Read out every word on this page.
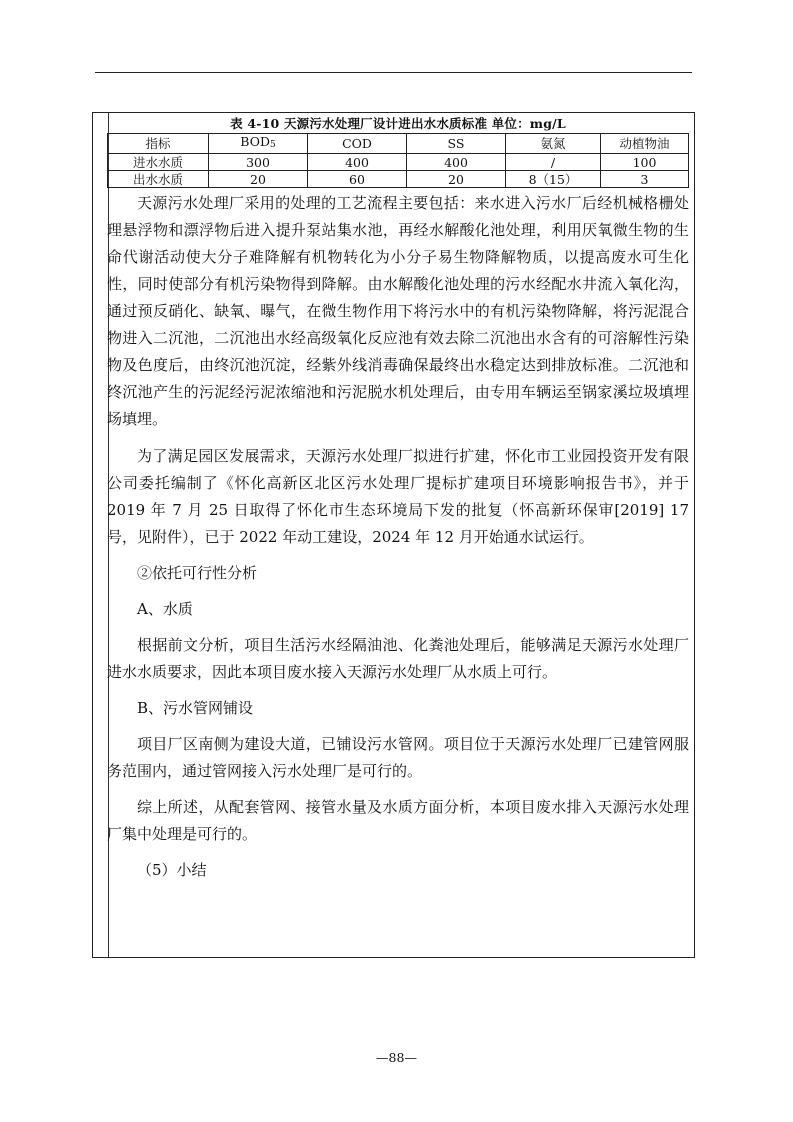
表 4-10 天源污水处理厂设计进出水水质标准 单位：mg/L
指标	$BOD_5$	COD	SS	氨氮	动植物油
进水水质	300	400	400	/	100
出水水质	20	60	20	8（15）	3

天源污水处理厂采用的处理的工艺流程主要包括：来水进入污水厂后经机械格栅处理悬浮物和漂浮物后进入提升泵站集水池，再经水解酸化池处理，利用厌氧微生物的生命代谢活动使大分子难降解有机物转化为小分子易生物降解物质，以提高废水可生化性，同时使部分有机污染物得到降解。由水解酸化池处理的污水经配水井流入氧化沟，通过预反硝化、缺氧、曝气，在微生物作用下将污水中的有机污染物降解，将污泥混合物进入二沉池，二沉池出水经高级氧化反应池有效去除二沉池出水含有的可溶解性污染物及色度后，由终沉池沉淀，经紫外线消毒确保最终出水稳定达到排放标准。二沉池和终沉池产生的污泥经污泥浓缩池和污泥脱水机处理后，由专用车辆运至锅家溪垃圾填埋场填埋。

为了满足园区发展需求，天源污水处理厂拟进行扩建，怀化市工业园投资开发有限公司委托编制了《怀化高新区北区污水处理厂提标扩建项目环境影响报告书》，并于 2019 年 7 月 25 日取得了怀化市生态环境局下发的批复（怀高新环保审[2019] 17 号，见附件），已于 2022 年动工建设，2024 年 12 月开始通水试运行。

②依托可行性分析

A、水质

根据前文分析，项目生活污水经隔油池、化粪池处理后，能够满足天源污水处理厂进水水质要求，因此本项目废水接入天源污水处理厂从水质上可行。

B、污水管网铺设

项目厂区南侧为建设大道，已铺设污水管网。项目位于天源污水处理厂已建管网服务范围内，通过管网接入污水处理厂是可行的。

综上所述，从配套管网、接管水量及水质方面分析，本项目废水排入天源污水处理厂集中处理是可行的。

（5）小结

—88—
